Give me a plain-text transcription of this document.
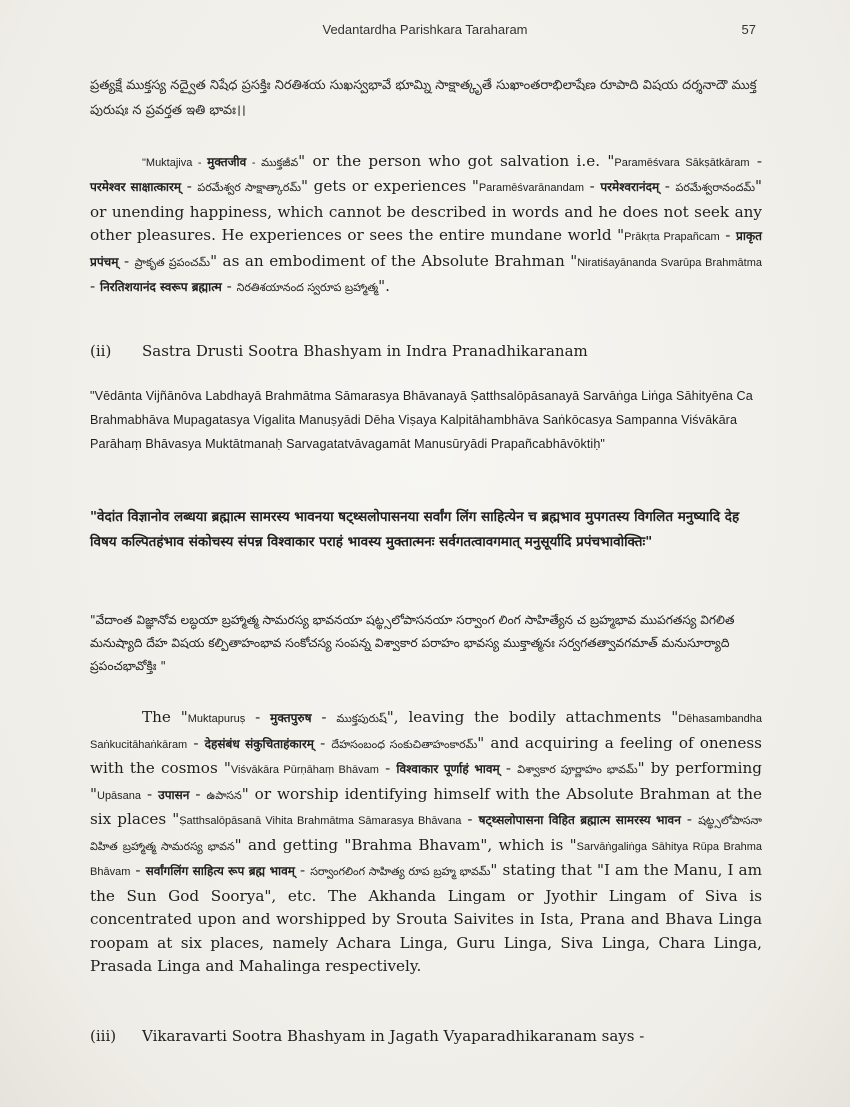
Vedantardha Parishkara Taraharam	57

ప్రత్యక్షే ముక్తస్య నద్వైత నిషేధ ప్రసక్తిః నిరతిశయ సుఖస్వభావే భూమ్ని సాక్షాత్కృతే సుఖాంతరాభిలాషేణ రూపాది విషయ దర్శనాదౌ ముక్త పురుషః న ప్రవర్తత ఇతి భావః।।

"Muktajiva - मुक्तजीव - ముక్తజీవ" or the person who got salvation i.e. "Paramēśvara Sākṣātkāram - परमेश्वर साक्षात्कारम् - పరమేశ్వర సాక్షాత్కారమ్" gets or experiences "Paramēśvarānandam - परमेश्वरानंदम् - పరమేశ్వరానందమ్" or unending happiness, which cannot be described in words and he does not seek any other pleasures. He experiences or sees the entire mundane world "Prākṛta Prapañcam - प्राकृत प्रपंचम् - ప్రాకృత ప్రపంచమ్" as an embodiment of the Absolute Brahman "Niratiśayānanda Svarūpa Brahmātma - निरतिशयानंद स्वरूप ब्रह्मात्म - నిరతిశయానంద స్వరూప బ్రహ్మాత్మ".

(ii) Sastra Drusti Sootra Bhashyam in Indra Pranadhikaranam

"Vēdānta Vijñānōva Labdhayā Brahmātma Sāmarasya Bhāvanayā Ṣatthsalōpāsanayā Sarvāṅga Liṅga Sāhityēna Ca Brahmabhāva Mupagatasya Vigalita Manuṣyādi Dēha Viṣaya Kalpitāhambhāva Saṅkōcasya Sampanna Viśvākāra Parāhaṃ Bhāvasya Muktātmanaḥ Sarvagatatvāvagamāt Manusūryādi Prapañcabhāvōktiḥ"

"वेदांत विज्ञानोव लब्धया ब्रह्मात्म सामरस्य भावनया षट्थ्सलोपासनया सर्वांग लिंग साहित्येन च ब्रह्मभाव मुपगतस्य विगलित मनुष्यादि देह विषय कल्पितहंभाव संकोचस्य संपन्न विश्वाकार पराहं भावस्य मुक्तात्मनः सर्वगतत्वावगमात् मनुसूर्यादि प्रपंचभावोक्तिः"

"వేదాంత విజ్ఞానోవ లబ్ధయా బ్రహ్మాత్మ సామరస్య భావనయా షట్థ్సలోపాసనయా సర్వాంగ లింగ సాహిత్యేన చ బ్రహ్మభావ ముపగతస్య విగలిత మనుష్యాది దేహ విషయ కల్పితాహంభావ సంకోచస్య సంపన్న విశ్వాకార పరాహం భావస్య ముక్తాత్మనః సర్వగతత్వావగమాత్ మనుసూర్యాది ప్రపంచభావోక్తిః "

The "Muktapuruṣ - मुक्तपुरुष - ముక్తపురుష్", leaving the bodily attachments "Dēhasambandha Saṅkucitāhaṅkāram - देहसंबंध संकुचिताहंकारम् - దేహసంబంధ సంకుచితాహంకారమ్" and acquiring a feeling of oneness with the cosmos "Viśvākāra Pūrṇāhaṃ Bhāvam - विश्वाकार पूर्णाहं भावम् - విశ్వాకార పూర్ణాహం భావమ్" by performing "Upāsana - उपासन - ఉపాసన" or worship identifying himself with the Absolute Brahman at the six places "Ṣatthsalōpāsanā Vihita Brahmātma Sāmarasya Bhāvana - षट्थ्सलोपासना विहित ब्रह्मात्म सामरस्य भावन - షట్థ్సలోపాసనా విహిత బ్రహ్మాత్మ సామరస్య భావన" and getting "Brahma Bhavam", which is "Sarvāṅgaliṅga Sāhitya Rūpa Brahma Bhāvam - सर्वांगलिंग साहित्य रूप ब्रह्म भावम् - సర్వాంగలింగ సాహిత్య రూప బ్రహ్మ భావమ్" stating that "I am the Manu, I am the Sun God Soorya", etc. The Akhanda Lingam or Jyothir Lingam of Siva is concentrated upon and worshipped by Srouta Saivites in Ista, Prana and Bhava Linga roopam at six places, namely Achara Linga, Guru Linga, Siva Linga, Chara Linga, Prasada Linga and Mahalinga respectively.

(iii) Vikaravarti Sootra Bhashyam in Jagath Vyaparadhikaranam says -
